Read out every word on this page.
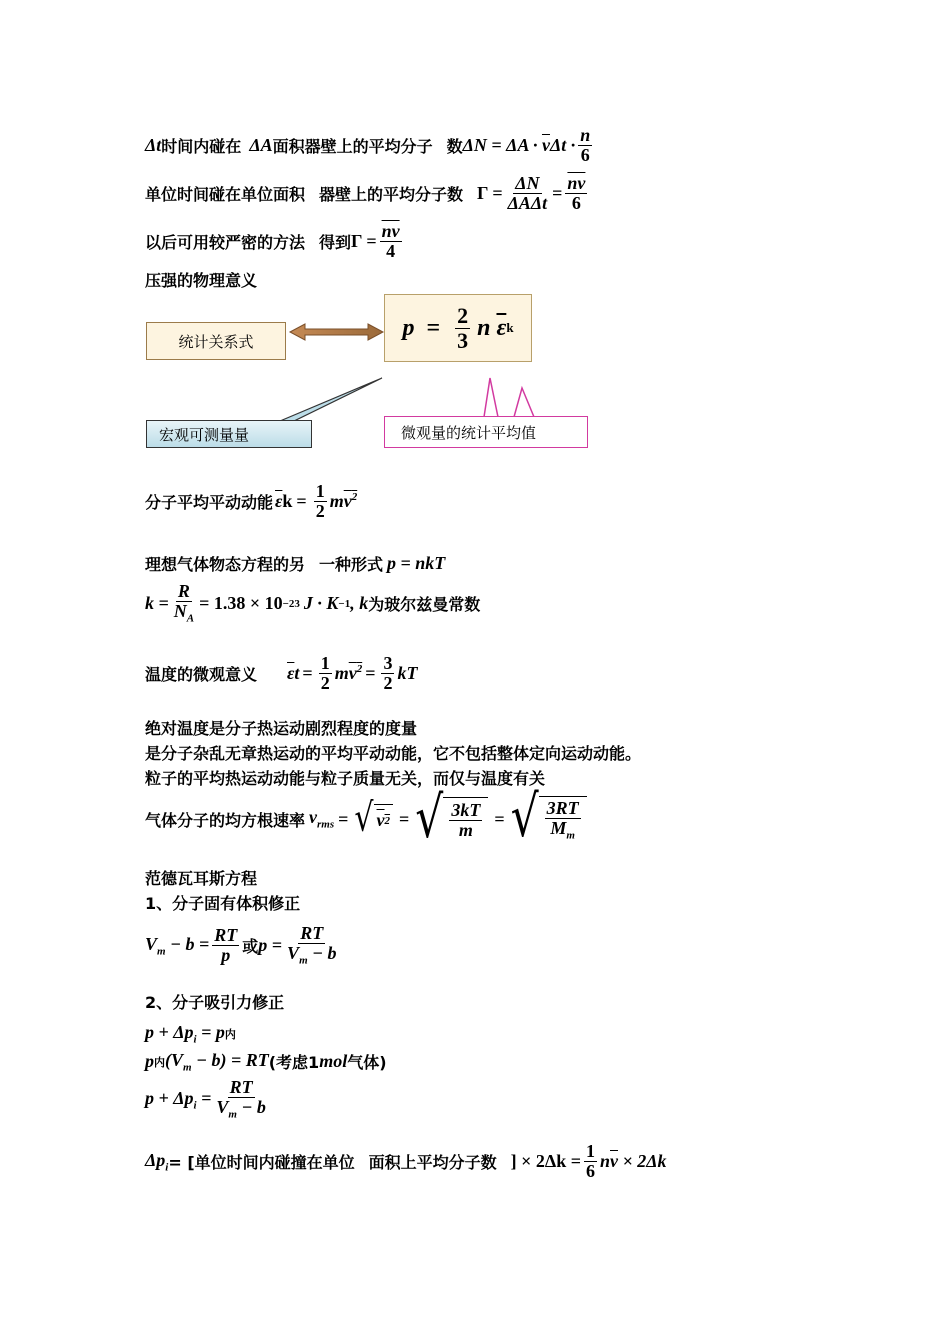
Δt 时间内碰在 ΔA 面积器壁上的平均分子 数 $\Delta N = \Delta A \cdot \overline{v}\Delta t \cdot \frac{n}{6}$
单位时间碰在单位面积 器壁上的平均分子数 $\Gamma = \frac{\Delta N}{\text{ΔAΔt}} = \frac{\overline{nv}}{6}$
以后可用较严密的方法 得到 $\Gamma = \frac{\overline{nv}}{4}$
压强的物理意义
统计关系式
$p = \frac{2}{3}$ n $\overline{\varepsilon}$ k
宏观可测量量	微观量的统计平均值
分子平均平动动能 $\overline{\varepsilon}$ $k = \frac{1}{2} mv^2$
理想气体物态方程的另 一种形式 p = nkT
$k = \frac{R}{N_A} = 1.38 \times 10 -23$ J · K −1 , k 为玻尔兹曼常数
温度的微观意义 $\overline{\varepsilon}$ $t = \frac{1}{2} mv^2 = \frac{3}{2}$ kT
绝对温度是分子热运动剧烈程度的度量
是分子杂乱无章热运动的平均平动动能，它不包括整体定向运动动能。
粒子的平均热运动动能与粒子质量无关，而仅与温度有关
气体分子的均方根速率 $v_{rms}$ = √ v 2 = √ $\frac{3kT}{m}$ = √ $\frac{3RT}{M_m}$
范德瓦耳斯方程
1、分子固有体积修正
$V_m - b = \frac{RT}{p}$ 或 $p = \frac{RT}{V_m - b}$
2、分子吸引力修正
$p + \Delta p_i = p$ 内
p 内 $(V_m - b)$ = RT (考虑1 mol 气体)
$p + \Delta p_i = \frac{RT}{V_m - b}$
$\Delta p_i$ = [单位时间内碰撞在单位 面积上平均分子数 ] × $2\Delta k = \frac{1}{6} n\overline{v} \times 2\Delta k$
